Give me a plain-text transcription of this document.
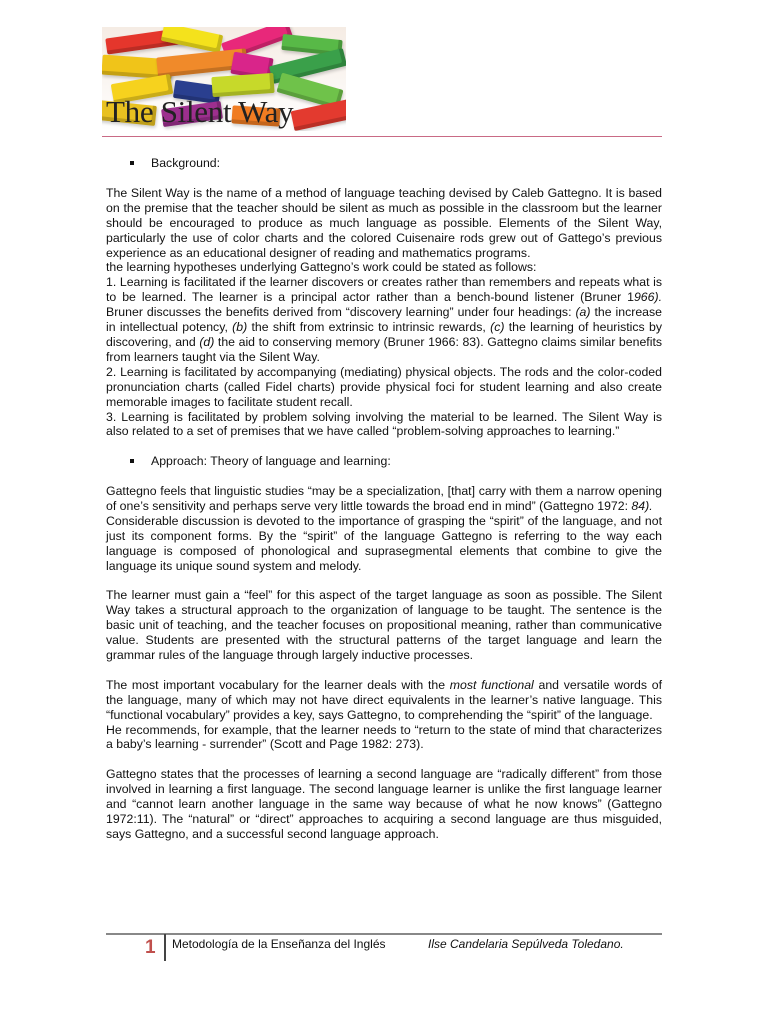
The Silent Way

Background:

The Silent Way is the name of a method of language teaching devised by Caleb Gattegno. It is based on the premise that the teacher should be silent as much as possible in the classroom but the learner should be encouraged to produce as much language as possible. Elements of the Silent Way, particularly the use of color charts and the colored Cuisenaire rods grew out of Gattego’s previous experience as an educational designer of reading and mathematics programs.

the learning hypotheses underlying Gattegno’s work could be stated as follows:

1. Learning is facilitated if the learner discovers or creates rather than remembers and repeats what is to be learned. The learner is a principal actor rather than a bench-bound listener (Bruner 1966). Bruner discusses the benefits derived from “discovery learning” under four headings: (a) the increase in intellectual potency, (b) the shift from extrinsic to intrinsic rewards, (c) the learning of heuristics by discovering, and (d) the aid to conserving memory (Bruner 1966: 83). Gattegno claims similar benefits from learners taught via the Silent Way.

2. Learning is facilitated by accompanying (mediating) physical objects. The rods and the color-coded pronunciation charts (called Fidel charts) provide physical foci for student learning and also create memorable images to facilitate student recall.

3. Learning is facilitated by problem solving involving the material to be learned. The Silent Way is also related to a set of premises that we have called “problem-solving approaches to learning.”

Approach: Theory of language and learning:

Gattegno feels that linguistic studies “may be a specialization, [that] carry with them a narrow opening of one’s sensitivity and perhaps serve very little towards the broad end in mind” (Gattegno 1972: 84).

Considerable discussion is devoted to the importance of grasping the “spirit” of the language, and not just its component forms. By the “spirit” of the language Gattegno is referring to the way each language is composed of phonological and suprasegmental elements that combine to give the language its unique sound system and melody.

The learner must gain a “feel” for this aspect of the target language as soon as possible. The Silent Way takes a structural approach to the organization of language to be taught. The sentence is the basic unit of teaching, and the teacher focuses on propositional meaning, rather than communicative value. Students are presented with the structural patterns of the target language and learn the grammar rules of the language through largely inductive processes.

The most important vocabulary for the learner deals with the most functional and versatile words of the language, many of which may not have direct equivalents in the learner’s native language. This “functional vocabulary” provides a key, says Gattegno, to comprehending the “spirit” of the language.

He recommends, for example, that the learner needs to “return to the state of mind that characterizes a baby’s learning - surrender” (Scott and Page 1982: 273).

Gattegno states that the processes of learning a second language are “radically different” from those involved in learning a first language. The second language learner is unlike the first language learner and “cannot learn another language in the same way because of what he now knows” (Gattegno 1972:11). The “natural” or “direct” approaches to acquiring a second language are thus misguided, says Gattegno, and a successful second language approach.

1 Metodología de la Enseñanza del Inglés	Ilse Candelaria Sepúlveda Toledano.
